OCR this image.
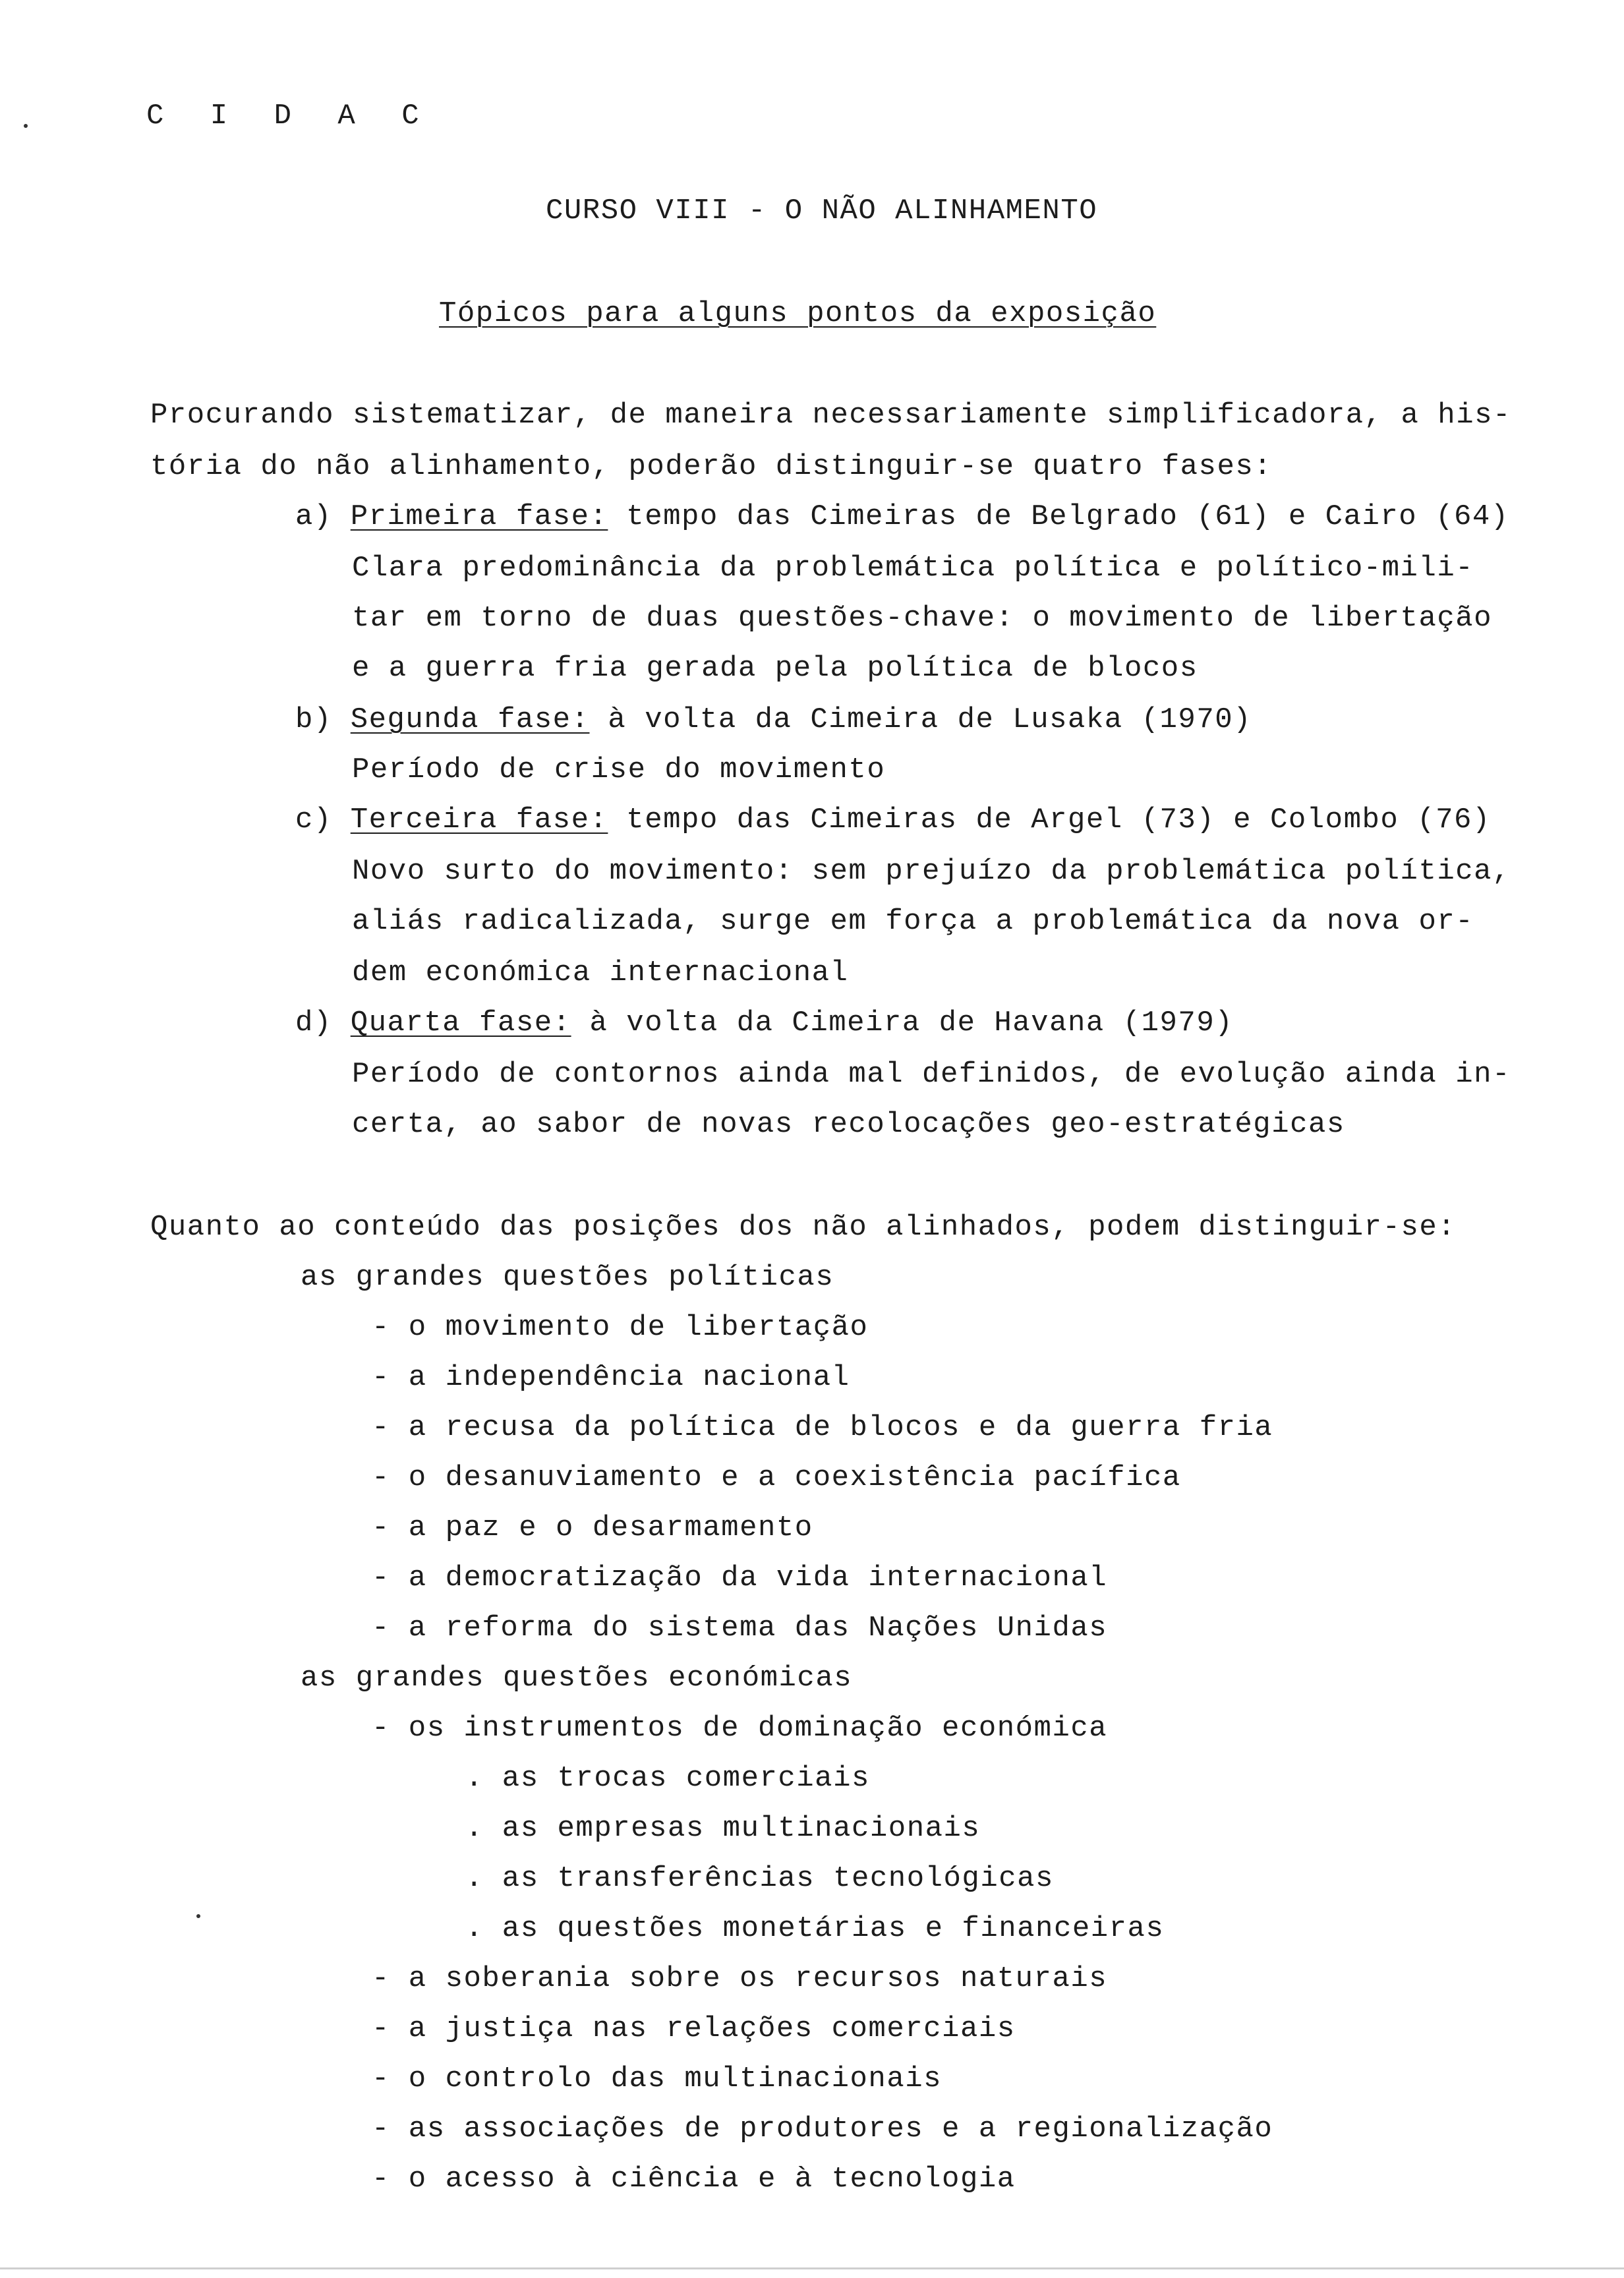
C I D A C
CURSO VIII - O NÃO ALINHAMENTO
Tópicos para alguns pontos da exposição
Procurando sistematizar, de maneira necessariamente simplificadora, a his-
tória do não alinhamento, poderão distinguir-se quatro fases:
a) Primeira fase: tempo das Cimeiras de Belgrado (61) e Cairo (64)
Clara predominância da problemática política e político-mili-
tar em torno de duas questões-chave: o movimento de libertação
e a guerra fria gerada pela política de blocos
b) Segunda fase: à volta da Cimeira de Lusaka (1970)
Período de crise do movimento
c) Terceira fase: tempo das Cimeiras de Argel (73) e Colombo (76)
Novo surto do movimento: sem prejuízo da problemática política,
aliás radicalizada, surge em força a problemática da nova or-
dem económica internacional
d) Quarta fase: à volta da Cimeira de Havana (1979)
Período de contornos ainda mal definidos, de evolução ainda in-
certa, ao sabor de novas recolocações geo-estratégicas
Quanto ao conteúdo das posições dos não alinhados, podem distinguir-se:
as grandes questões políticas
- o movimento de libertação
- a independência nacional
- a recusa da política de blocos e da guerra fria
- o desanuviamento e a coexistência pacífica
- a paz e o desarmamento
- a democratização da vida internacional
- a reforma do sistema das Nações Unidas
as grandes questões económicas
- os instrumentos de dominação económica
. as trocas comerciais
. as empresas multinacionais
. as transferências tecnológicas
. as questões monetárias e financeiras
- a soberania sobre os recursos naturais
- a justiça nas relações comerciais
- o controlo das multinacionais
- as associações de produtores e a regionalização
- o acesso à ciência e à tecnologia
